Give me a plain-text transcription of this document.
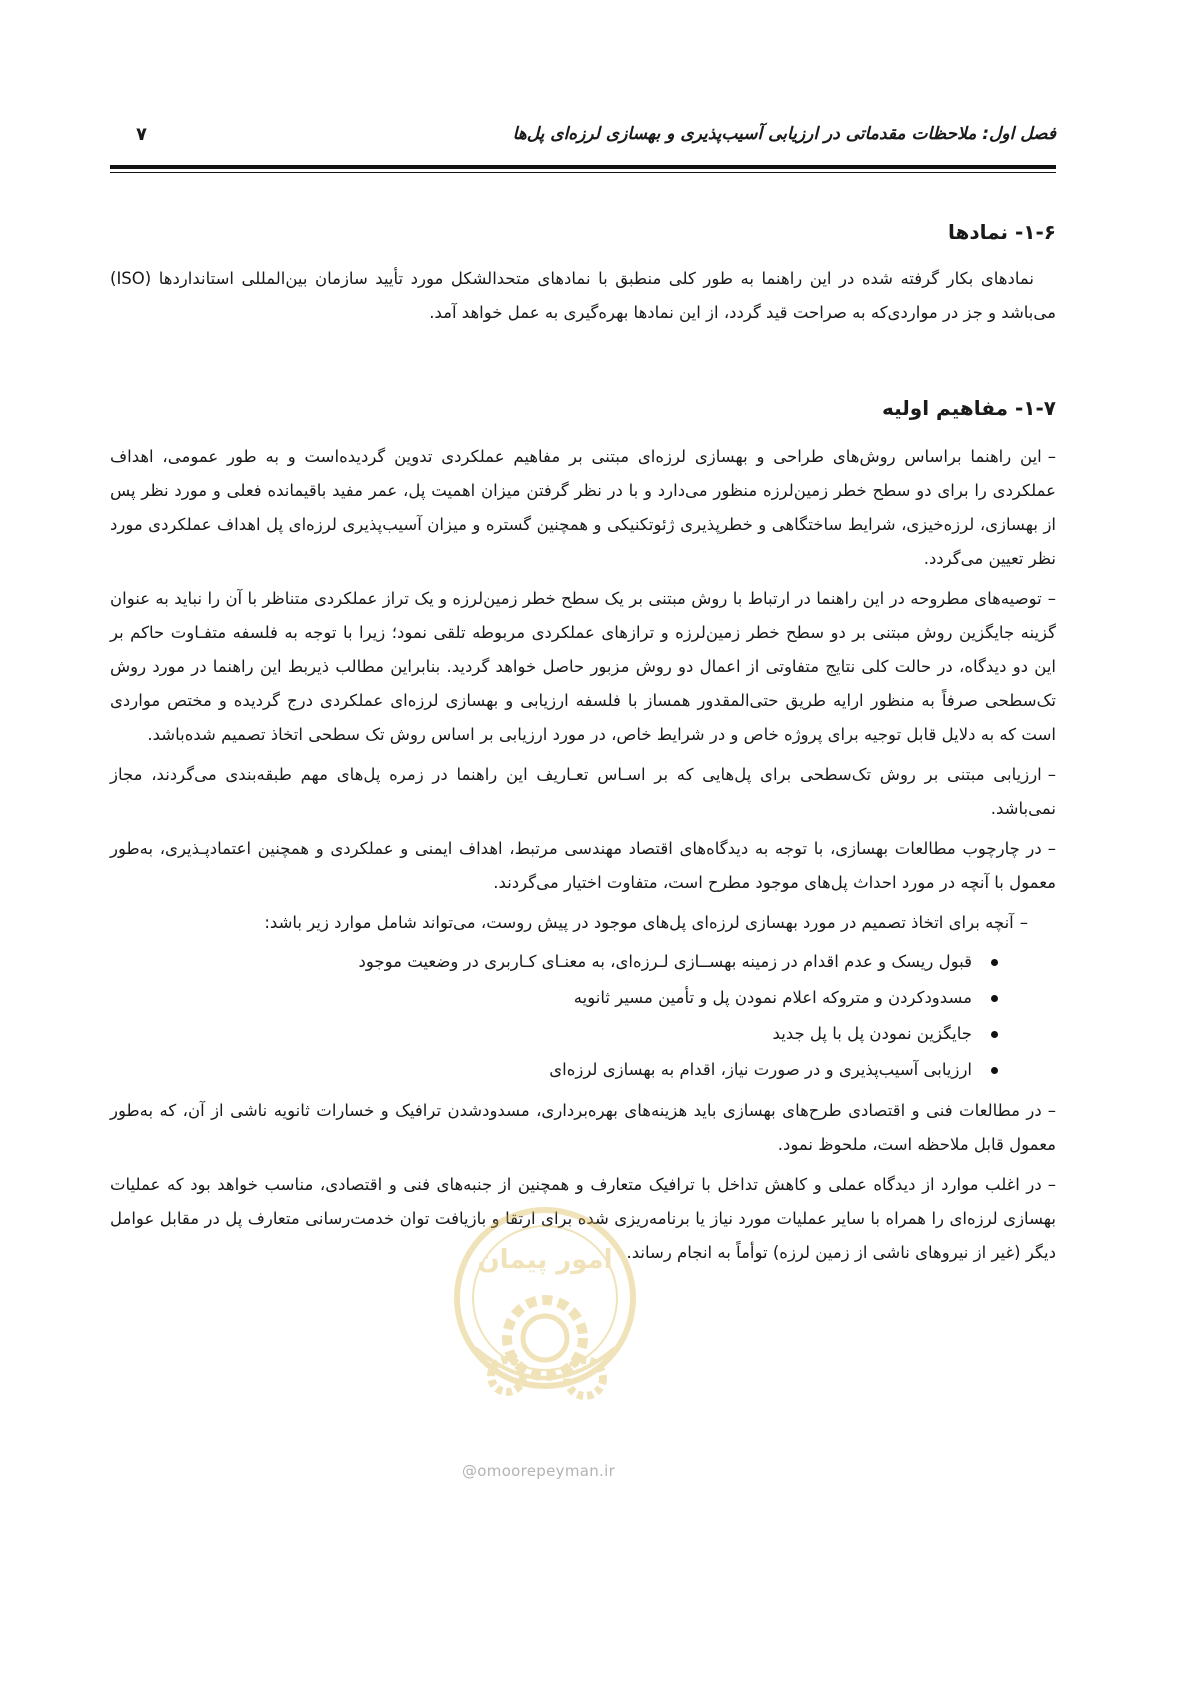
فصل اول: ملاحظات مقدماتی در ارزیابی آسیب‌پذیری و بهسازی لرزه‌ای پل‌ها
۷
۱-۶- نمادها

نمادهای بکار گرفته شده در این راهنما به طور کلی منطبق با نمادهای متحدالشکل مورد تأیید سازمان بین‌المللی استانداردها (ISO) می‌باشد و جز در مواردی‌که به صراحت قید گردد، از این نمادها بهره‌گیری به عمل خواهد آمد.

۱-۷- مفاهیم اولیه

–این راهنما براساس روش‌های طراحی و بهسازی لرزه‌ای مبتنی بر مفاهیم عملکردی تدوین گردیده‌است و به طور عمومی، اهداف عملکردی را برای دو سطح خطر زمین‌لرزه منظور می‌دارد و با در نظر گرفتن میزان اهمیت پل، عمر مفید باقیمانده فعلی و مورد نظر پس از بهسازی، لرزه‌خیزی، شرایط ساختگاهی و خطرپذیری ژئوتکنیکی و همچنین گستره و میزان آسیب‌پذیری لرزه‌ای پل اهداف عملکردی مورد نظر تعیین می‌گردد.

–توصیه‌های مطروحه در این راهنما در ارتباط با روش مبتنی بر یک سطح خطر زمین‌لرزه و یک تراز عملکردی متناظر با آن را نباید به عنوان گزینه جایگزین روش مبتنی بر دو سطح خطر زمین‌لرزه و ترازهای عملکردی مربوطه تلقی نمود؛ زیرا با توجه به فلسفه متفـاوت حاکم بر این دو دیدگاه، در حالت کلی نتایج متفاوتی از اعمال دو روش مزبور حاصل خواهد گردید. بنابراین مطالب ذیربط این راهنما در مورد روش تک‌سطحی صرفاً به منظور ارایه طریق حتی‌المقدور همساز با فلسفه ارزیابی و بهسازی لرزه‌ای عملکردی درج گردیده و مختص مواردی است که به دلایل قابل توجیه برای پروژه خاص و در شرایط خاص، در مورد ارزیابی بر اساس روش تک سطحی اتخاذ تصمیم شده‌باشد.

–ارزیابی مبتنی بر روش تک‌سطحی برای پل‌هایی که بر اسـاس تعـاریف این راهنما در زمره پل‌های مهم طبقه‌بندی می‌گردند، مجاز نمی‌باشد.

–در چارچوب مطالعات بهسازی، با توجه به دیدگاه‌های اقتصاد مهندسی مرتبط، اهداف ایمنی و عملکردی و همچنین اعتمادپـذیری، به‌طور معمول با آنچه در مورد احداث پل‌های موجود مطرح است، متفاوت اختیار می‌گردند.

–آنچه برای اتخاذ تصمیم در مورد بهسازی لرزه‌ای پل‌های موجود در پیش روست، می‌تواند شامل موارد زیر باشد:

قبول ریسک و عدم اقدام در زمینه بهســازی لـرزه‌ای، به معنـای کـاربری در وضعیت موجود
مسدودکردن و متروکه اعلام نمودن پل و تأمین مسیر ثانویه
جایگزین نمودن پل با پل جدید
ارزیابی آسیب‌پذیری و در صورت نیاز، اقدام به بهسازی لرزه‌ای

–در مطالعات فنی و اقتصادی طرح‌های بهسازی باید هزینه‌های بهره‌برداری، مسدودشدن ترافیک و خسارات ثانویه ناشی از آن، که به‌طور معمول قابل ملاحظه است، ملحوظ نمود.

–در اغلب موارد از دیدگاه عملی و کاهش تداخل با ترافیک متعارف و همچنین از جنبه‌های فنی و اقتصادی، مناسب خواهد بود که عملیات بهسازی لرزه‌ای را همراه با سایر عملیات مورد نیاز یا برنامه‌ریزی شده برای ارتقا و بازیافت توان خدمت‌رسانی متعارف پل در مقابل عوامل دیگر (غیر از نیروهای ناشی از زمین لرزه) توأماً به انجام رساند.

امور پیمان
@omoorepeyman.ir
